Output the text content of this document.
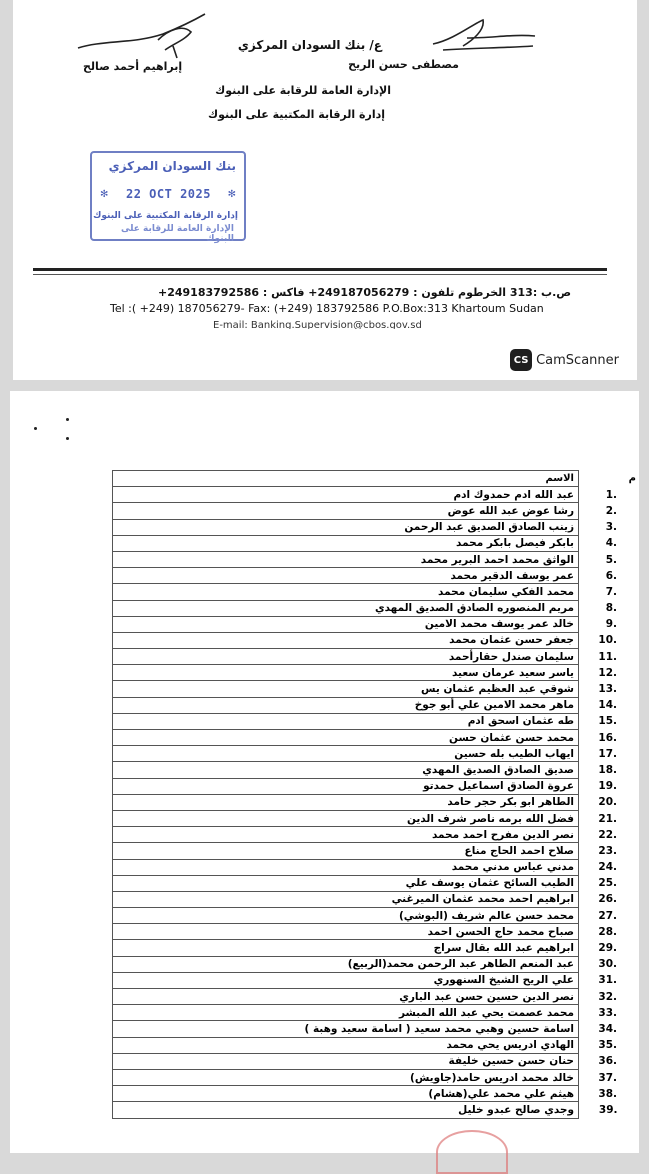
ع/ بنك السودان المركزي
مصطفى حسن الريح
إبراهيم أحمد صالح
الإدارة العامة للرقابة على البنوك
إدارة الرقابة المكتبية على البنوك
بنك السودان المركزي
✻ 22 OCT 2025 ✻
إدارة الرقابة المكتبية على البنوك
الإدارة العامة للرقابة على البنوك
ص.ب :313 الخرطوم تلفون : 249187056279+ فاكس : 249183792586+
Tel :( +249) 187056279- Fax: (+249) 183792586 P.O.Box:313 Khartoum Sudan
E-mail: Banking.Supervision@cbos.gov.sd
CS CamScanner
م
الاسم	
عبد الله ادم حمدوك ادم	1.
رشا عوض عبد الله عوض	2.
زينب الصادق الصديق عبد الرحمن	3.
بابكر فيصل بابكر محمد	4.
الواثق محمد احمد البرير محمد	5.
عمر يوسف الدقير محمد	6.
محمد الفكي سليمان محمد	7.
مريم المنصوره الصادق الصديق المهدي	8.
خالد عمر يوسف محمد الامين	9.
جعفر حسن عثمان محمد	10.
سليمان صندل حقارأحمد	11.
ياسر سعيد عرمان سعيد	12.
شوقي عبد العظيم عثمان يس	13.
ماهر محمد الامين علي أبو جوخ	14.
طه عثمان اسحق ادم	15.
محمد حسن عثمان حسن	16.
ايهاب الطيب بله حسين	17.
صديق الصادق الصديق المهدي	18.
عروة الصادق اسماعيل حمدتو	19.
الطاهر ابو بكر حجر حامد	20.
فضل الله برمه ناصر شرف الدين	21.
نصر الدين مفرح احمد محمد	22.
صلاح احمد الحاج مناع	23.
مدني عباس مدني محمد	24.
الطيب السائح عثمان يوسف علي	25.
ابراهيم احمد محمد عثمان الميرغني	26.
محمد حسن عالم شريف (البوشي)	27.
صباح محمد حاج الحسن احمد	28.
ابراهيم عبد الله بقال سراج	29.
عبد المنعم الطاهر عبد الرحمن محمد(الربيع)	30.
علي الريح الشيخ السنهوري	31.
نصر الدين حسين حسن عبد الباري	32.
محمد عصمت يحي عبد الله المبشر	33.
اسامة حسين وهبي محمد سعيد ( اسامة سعيد وهبة )	34.
الهادي ادريس يحي محمد	35.
حنان حسن حسين خليفة	36.
خالد محمد ادريس حامد(جاويش)	37.
هيثم علي محمد علي(هشام)	38.
وجدي صالح عبدو خليل	39.
